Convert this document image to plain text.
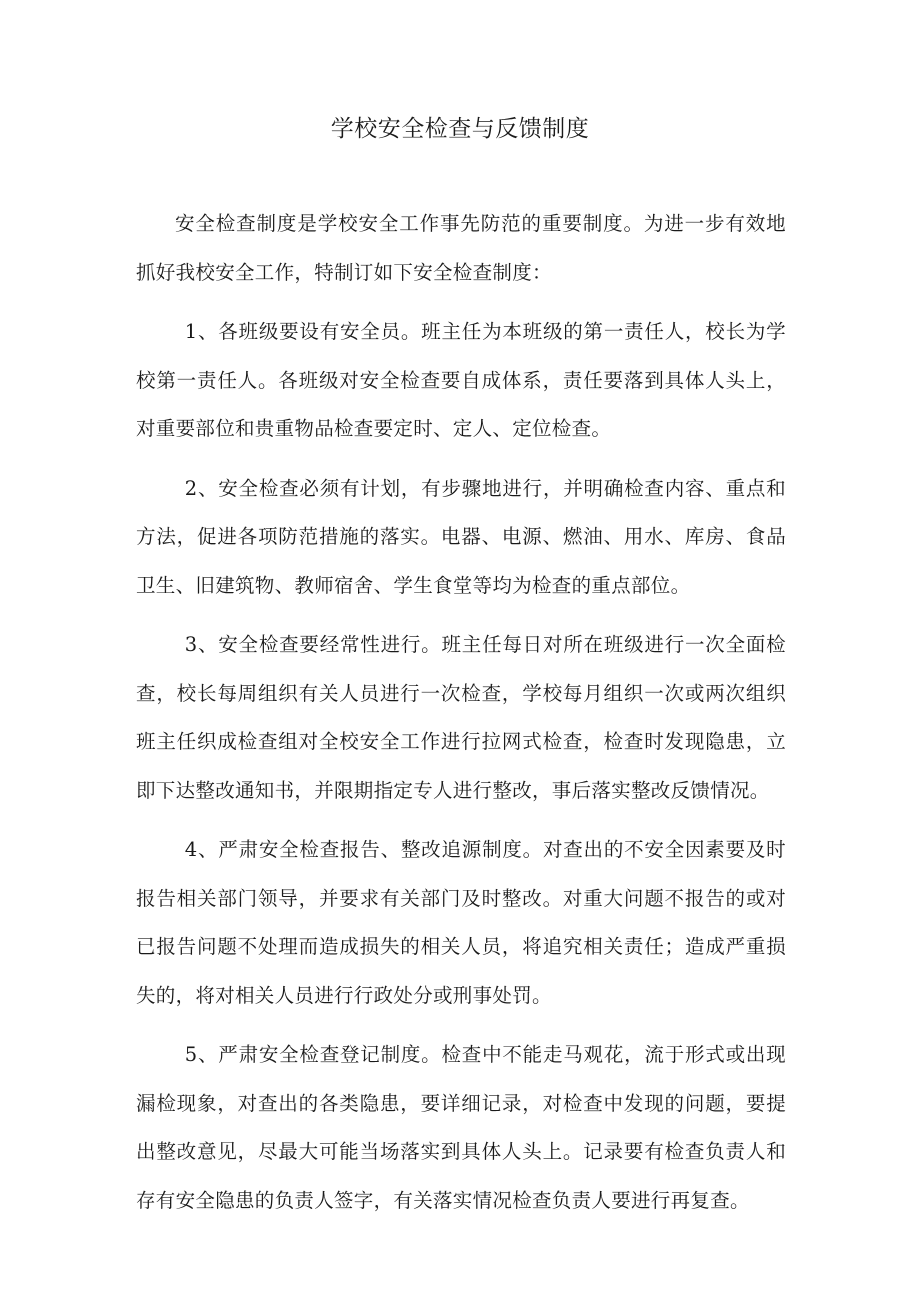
学校安全检查与反馈制度

安全检查制度是学校安全工作事先防范的重要制度。为进一步有效地抓好我校安全工作，特制订如下安全检查制度：

1、各班级要设有安全员。班主任为本班级的第一责任人，校长为学校第一责任人。各班级对安全检查要自成体系，责任要落到具体人头上，对重要部位和贵重物品检查要定时、定人、定位检查。

2、安全检查必须有计划，有步骤地进行，并明确检查内容、重点和方法，促进各项防范措施的落实。电器、电源、燃油、用水、库房、食品卫生、旧建筑物、教师宿舍、学生食堂等均为检查的重点部位。

3、安全检查要经常性进行。班主任每日对所在班级进行一次全面检查，校长每周组织有关人员进行一次检查，学校每月组织一次或两次组织班主任织成检查组对全校安全工作进行拉网式检查，检查时发现隐患，立即下达整改通知书，并限期指定专人进行整改，事后落实整改反馈情况。

4、严肃安全检查报告、整改追源制度。对查出的不安全因素要及时报告相关部门领导，并要求有关部门及时整改。对重大问题不报告的或对已报告问题不处理而造成损失的相关人员，将追究相关责任；造成严重损失的，将对相关人员进行行政处分或刑事处罚。

5、严肃安全检查登记制度。检查中不能走马观花，流于形式或出现漏检现象，对查出的各类隐患，要详细记录，对检查中发现的问题，要提出整改意见，尽最大可能当场落实到具体人头上。记录要有检查负责人和存有安全隐患的负责人签字，有关落实情况检查负责人要进行再复查。
